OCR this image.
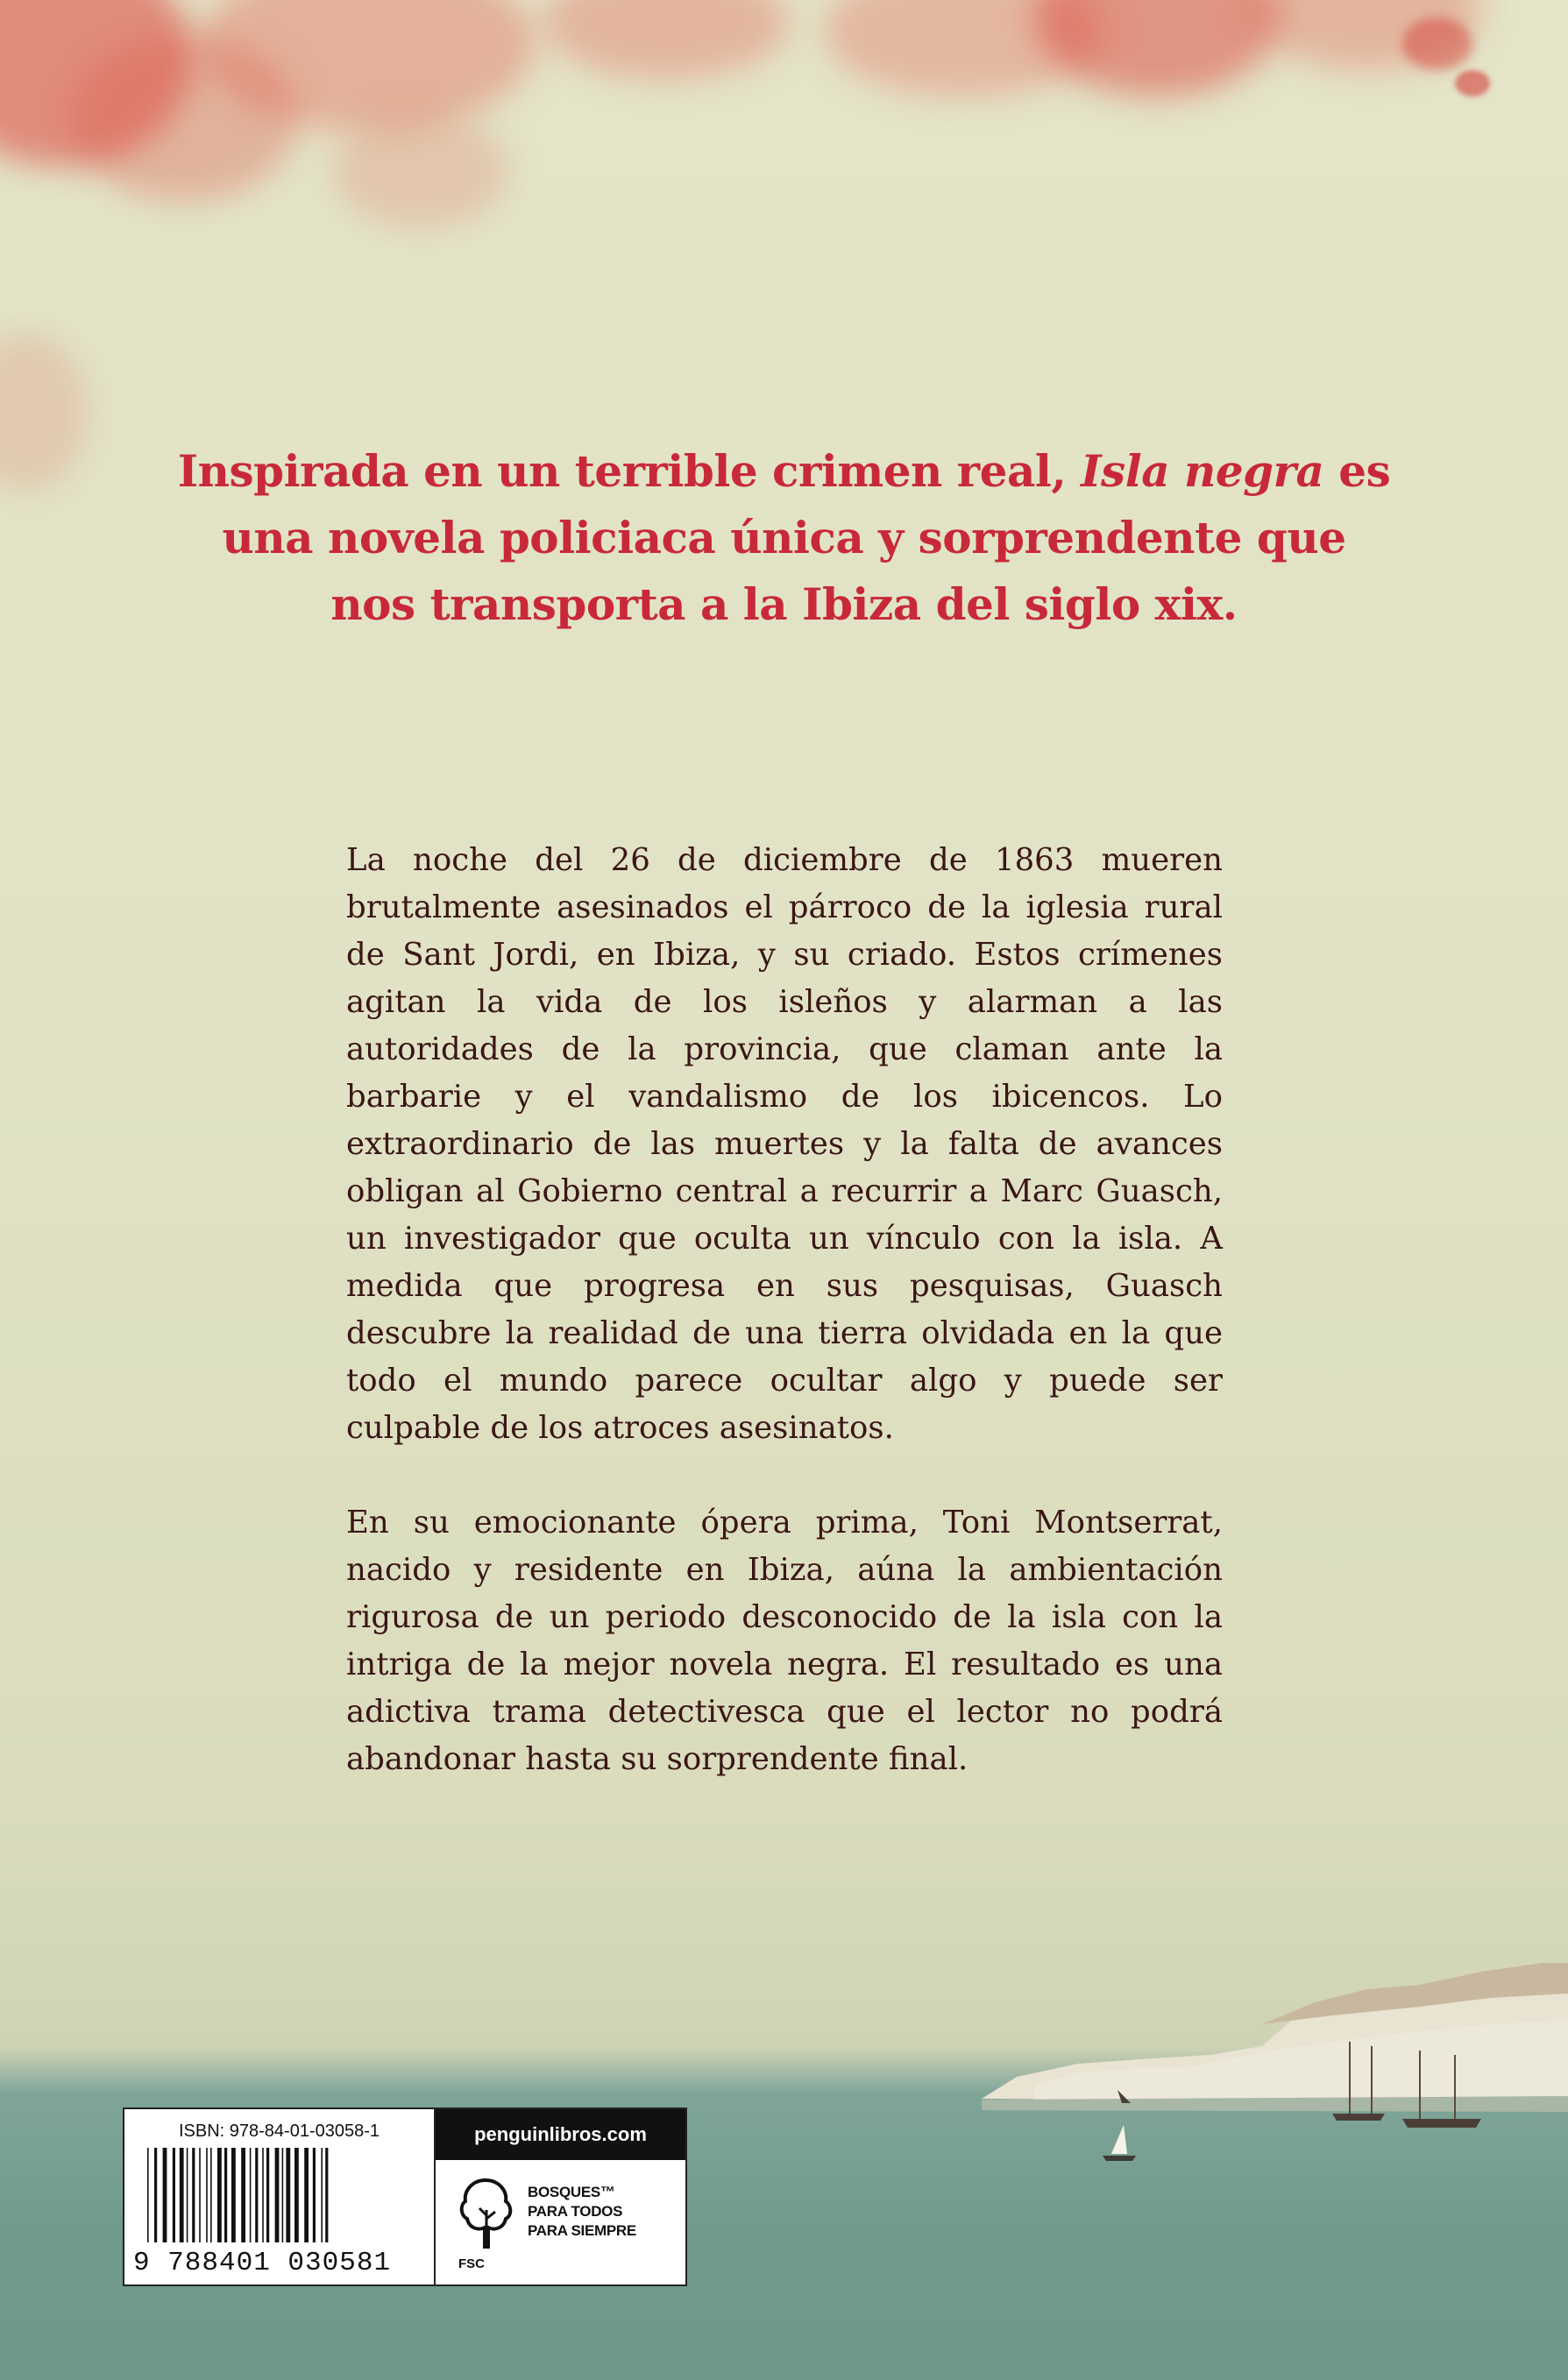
Inspirada en un terrible crimen real, Isla negra es una novela policiaca única y sorprendente que nos transporta a la Ibiza del siglo xix.

La noche del 26 de diciembre de 1863 mueren brutalmente asesinados el párroco de la iglesia rural de Sant Jordi, en Ibiza, y su criado. Estos crímenes agitan la vida de los isleños y alarman a las autoridades de la provincia, que claman ante la barbarie y el vandalismo de los ibicencos. Lo extraordinario de las muertes y la falta de avances obligan al Gobierno central a recurrir a Marc Guasch, un investigador que oculta un vínculo con la isla. A medida que progresa en sus pesquisas, Guasch descubre la realidad de una tierra olvidada en la que todo el mundo parece ocultar algo y puede ser culpable de los atroces asesinatos.

En su emocionante ópera prima, Toni Montserrat, nacido y residente en Ibiza, aúna la ambientación rigurosa de un periodo desconocido de la isla con la intriga de la mejor novela negra. El resultado es una adictiva trama detectivesca que el lector no podrá abandonar hasta su sorprendente final.

ISBN: 978-84-01-03058-1
9 788401 030581
penguinlibros.com
FSC
BOSQUES™
PARA TODOS
PARA SIEMPRE
